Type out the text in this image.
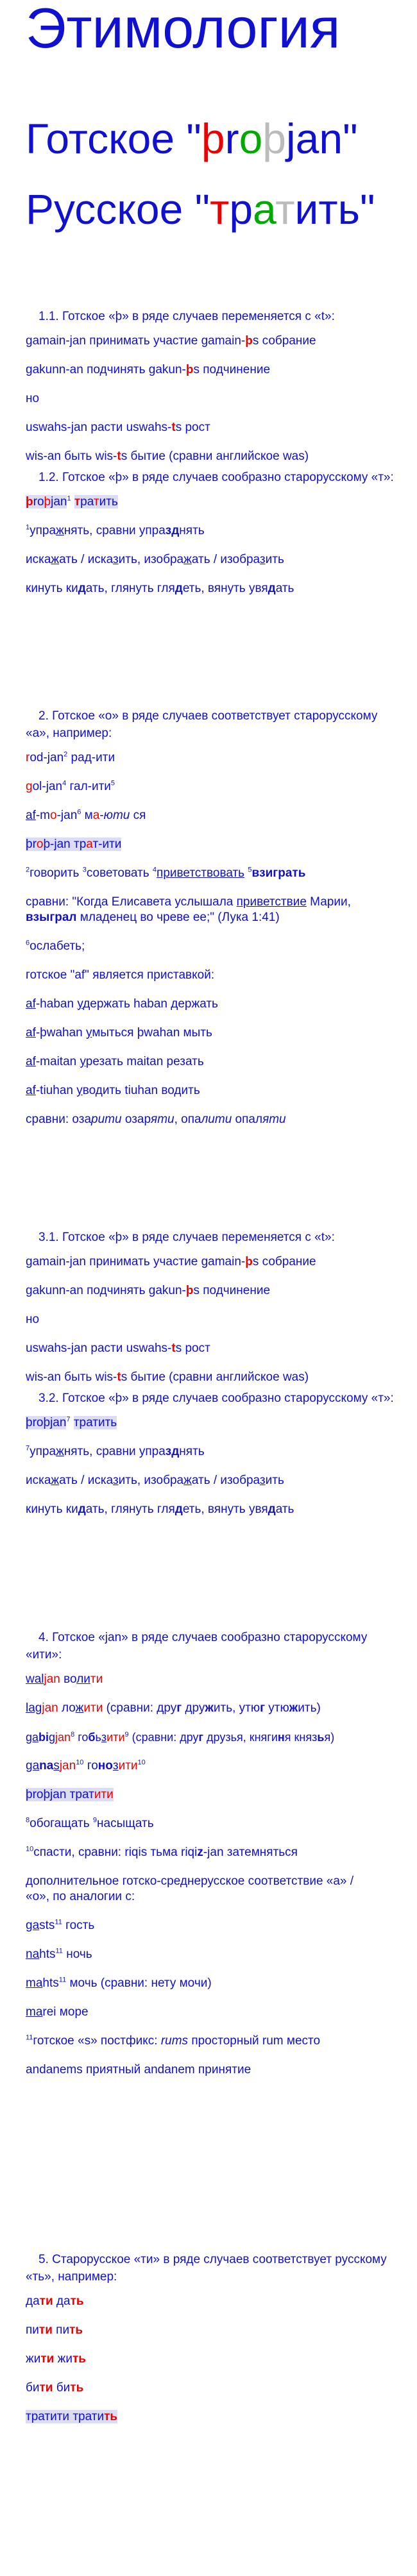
Этимология
Готское "þroþjan"
Русское "тратить"

1.1. Готское «þ» в ряде случаев переменяется с «t»:

gamain-jan принимать участие gamain-þs собрание

gakunn-an подчинять gakun-þs подчинение

но

uswahs-jan расти uswahs-ts рост

wis-an быть wis-ts бытие (сравни английское was)

1.2. Готское «þ» в ряде случаев сообразно старорусскому «т»:

þroþjan$^1$ тратить

$^1$упражнять, сравни упразднять

искажать / исказить, изображать / изобразить

кинуть кидать, глянуть глядеть, вянуть увядать

2. Готское «o» в ряде случаев соответствует старорусскому «а», например:

rod-jan$^2$ рад-ити

gol-jan$^4$ гал-ити$^5$

af-mo-jan$^6$ ма-юти ся

þroþ-jan трат-ити

$^2$говорить $^3$советовать $^4$приветствовать $^5$взиграть

сравни: "Когда Елисавета услышала приветствие Марии, взыграл младенец во чреве ее;" (Лука 1:41)

$^6$ослабеть;

готское "af" является приставкой:

af-haban удержать haban держать

af-þwahan умыться þwahan мыть

af-maitan урезать maitan резать

af-tiuhan уводить tiuhan водить

сравни: озарити озаряти, опалити опаляти

3.1. Готское «þ» в ряде случаев переменяется с «t»:

gamain-jan принимать участие gamain-þs собрание

gakunn-an подчинять gakun-þs подчинение

но

uswahs-jan расти uswahs-ts рост

wis-an быть wis-ts бытие (сравни английское was)

3.2. Готское «þ» в ряде случаев сообразно старорусскому «т»:

þroþjan$^7$ тратить

$^7$упражнять, сравни упразднять

искажать / исказить, изображать / изобразить

кинуть кидать, глянуть глядеть, вянуть увядать

4. Готское «jan» в ряде случаев сообразно старорусскому «ити»:

waljan волити

lagjan ложити (сравни: друг дружить, утюг утюжить)

gabigjan$^8$ гобьзити$^9$ (сравни: друг друзья, княгиня князья)

ganasjan$^{10}$ гонозити$^{10}$

þroþjan тратити

$^8$обогащать $^9$насыщать

$^{10}$спасти, сравни: riqis тьма riqiz-jan затемняться

дополнительное готско-среднерусское соответствие «а» / «о», по аналогии с:

gasts$^{11}$ гость

nahts$^{11}$ ночь

mahts$^{11}$ мочь (сравни: нету мочи)

marei море

$^{11}$готское «s» постфикс: rums просторный rum место

andanems приятный andanem принятие

5. Старорусское «ти» в ряде случаев соответствует русскому «ть», например:

дати дать

пити пить

жити жить

бити бить

тратити тратить
